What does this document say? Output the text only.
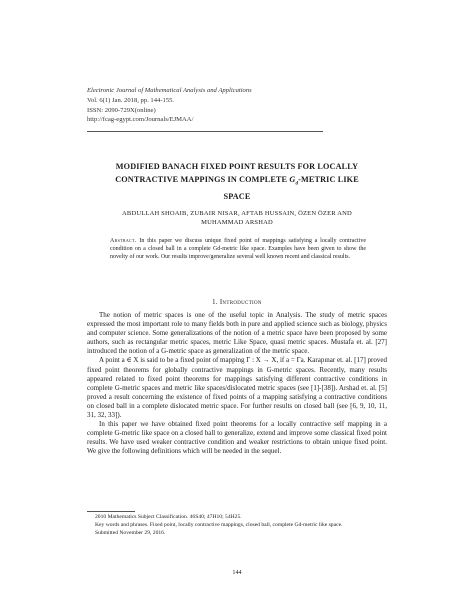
Electronic Journal of Mathematical Analysis and Applications
Vol. 6(1) Jan. 2018, pp. 144-155.
ISSN: 2090-729X(online)
http://fcag-egypt.com/Journals/EJMAA/
MODIFIED BANACH FIXED POINT RESULTS FOR LOCALLY
CONTRACTIVE MAPPINGS IN COMPLETE $G_d$-METRIC LIKE
SPACE
ABDULLAH SHOAIB, ZUBAIR NISAR, AFTAB HUSSAIN, ÖZEN ÖZER AND
MUHAMMAD ARSHAD
Abstract. In this paper we discuss unique fixed point of mappings satisfying a locally contractive condition on a closed ball in a complete Gd-metric like space. Examples have been given to show the novelty of our work. Our results improve/generalize several well known recent and classical results.
1. Introduction

The notion of metric spaces is one of the useful topic in Analysis. The study of metric spaces expressed the most important role to many fields both in pure and applied science such as biology, physics and computer science. Some generalizations of the notion of a metric space have been proposed by some authors, such as rectangular metric spaces, metric Like Space, quasi metric spaces. Mustafa et. al. [27] introduced the notion of a G-metric space as generalization of the metric space.

A point a ∈ X is said to be a fixed point of mapping Γ : X → X, if a = Γa. Karapınar et. al. [17] proved fixed point theorems for globally contractive mappings in G-metric spaces. Recently, many results appeared related to fixed point theorems for mappings satisfying different contractive conditions in complete G-metric spaces and metric like spaces/dislocated metric spaces (see [1]-[38]). Arshad et. al. [5] proved a result concerning the existence of fixed points of a mapping satisfying a contractive conditions on closed ball in a complete dislocated metric space. For further results on closed ball (see [6, 9, 10, 11, 31, 32, 33]).

In this paper we have obtained fixed point theorems for a locally contractive self mapping in a complete G-metric like space on a closed ball to generalize, extend and improve some classical fixed point results. We have used weaker contractive condition and weaker restrictions to obtain unique fixed point. We give the following definitions which will be needed in the sequel.

2010 Mathematics Subject Classification. 46S40; 47H10; 54H25.

Key words and phrases. Fixed point, locally contractive mappings, closed ball, complete Gd-metric like space.

Submitted November 29, 2016.

144
